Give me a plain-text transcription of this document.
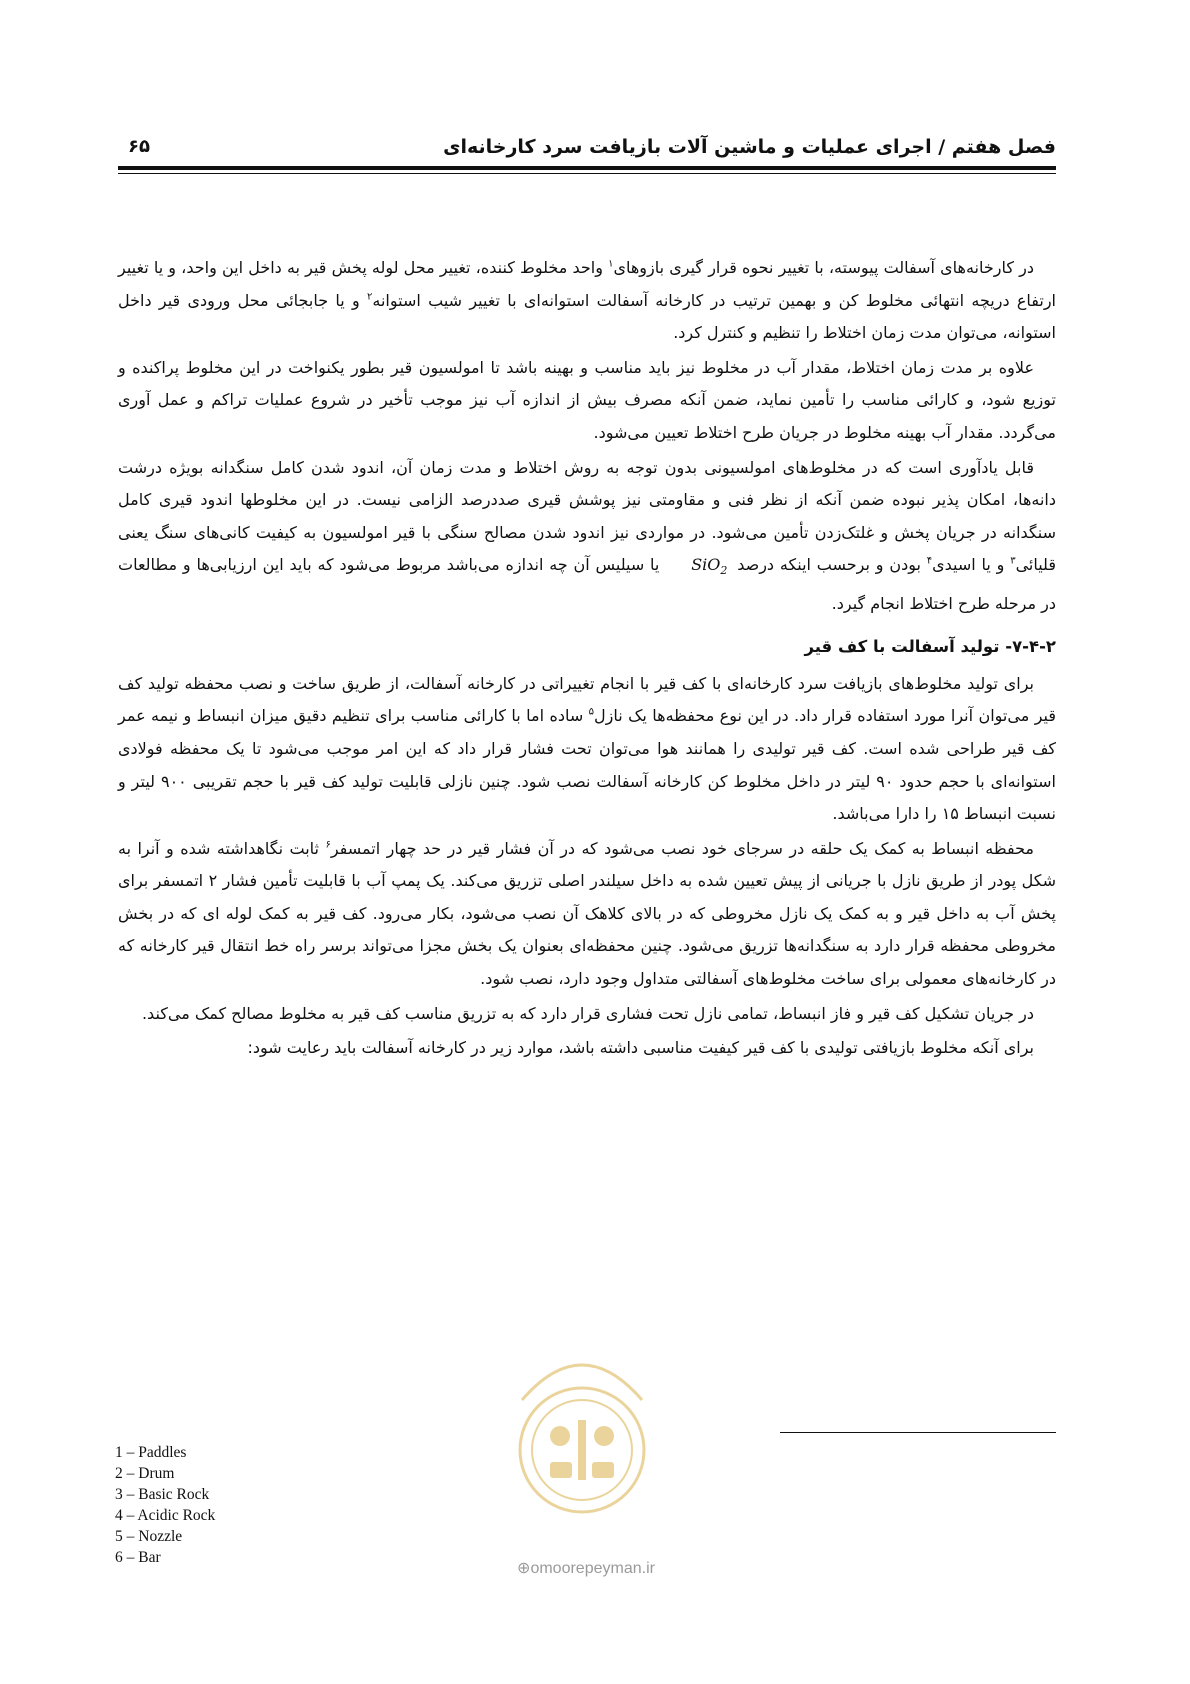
فصل هفتم / اجرای عملیات و ماشین آلات بازیافت سرد کارخانه‌ای
۶۵

در کارخانه‌های آسفالت پیوسته، با تغییر نحوه قرار گیری بازوهای$^۱$ واحد مخلوط کننده، تغییر محل لوله پخش قیر به داخل این واحد، و یا تغییر ارتفاع دریچه انتهائی مخلوط کن و بهمین ترتیب در کارخانه آسفالت استوانه‌ای با تغییر شیب استوانه$^۲$ و یا جابجائی محل ورودی قیر داخل استوانه، می‌توان مدت زمان اختلاط را تنظیم و کنترل کرد.

علاوه بر مدت زمان اختلاط، مقدار آب در مخلوط نیز باید مناسب و بهینه باشد تا امولسیون قیر بطور یکنواخت در این مخلوط پراکنده و توزیع شود، و کارائی مناسب را تأمین نماید، ضمن آنکه مصرف بیش از اندازه آب نیز موجب تأخیر در شروع عملیات تراکم و عمل آوری می‌گردد. مقدار آب بهینه مخلوط در جریان طرح اختلاط تعیین می‌شود.

قابل یادآوری است که در مخلوط‌های امولسیونی بدون توجه به روش اختلاط و مدت زمان آن، اندود شدن کامل سنگدانه بویژه درشت دانه‌ها، امکان پذیر نبوده ضمن آنکه از نظر فنی و مقاومتی نیز پوشش قیری صددرصد الزامی نیست. در این مخلوطها اندود قیری کامل سنگدانه در جریان پخش و غلتک‌زدن تأمین می‌شود. در مواردی نیز اندود شدن مصالح سنگی با قیر امولسیون به کیفیت کانی‌های سنگ یعنی قلیائی$^۳$ و یا اسیدی$^۴$ بودن و برحسب اینکه درصد SiO$_2$ یا سیلیس آن چه اندازه می‌باشد مربوط می‌شود که باید این ارزیابی‌ها و مطالعات در مرحله طرح اختلاط انجام گیرد.

۷-۴-۲- تولید آسفالت با کف قیر

برای تولید مخلوط‌های بازیافت سرد کارخانه‌ای با کف قیر با انجام تغییراتی در کارخانه آسفالت، از طریق ساخت و نصب محفظه تولید کف قیر می‌توان آنرا مورد استفاده قرار داد. در این نوع محفظه‌ها یک نازل$^۵$ ساده اما با کارائی مناسب برای تنظیم دقیق میزان انبساط و نیمه عمر کف قیر طراحی شده است. کف قیر تولیدی را همانند هوا می‌توان تحت فشار قرار داد که این امر موجب می‌شود تا یک محفظه فولادی استوانه‌ای با حجم حدود ۹۰ لیتر در داخل مخلوط کن کارخانه آسفالت نصب شود. چنین نازلی قابلیت تولید کف قیر با حجم تقریبی ۹۰۰ لیتر و نسبت انبساط ۱۵ را دارا می‌باشد.

محفظه انبساط به کمک یک حلقه در سرجای خود نصب می‌شود که در آن فشار قیر در حد چهار اتمسفر$^۶$ ثابت نگاهداشته شده و آنرا به شکل پودر از طریق نازل با جریانی از پیش تعیین شده به داخل سیلندر اصلی تزریق می‌کند. یک پمپ آب با قابلیت تأمین فشار ۲ اتمسفر برای پخش آب به داخل قیر و به کمک یک نازل مخروطی که در بالای کلاهک آن نصب می‌شود، بکار می‌رود. کف قیر به کمک لوله ای که در بخش مخروطی محفظه قرار دارد به سنگدانه‌ها تزریق می‌شود. چنین محفظه‌ای بعنوان یک بخش مجزا می‌تواند برسر راه خط انتقال قیر کارخانه که در کارخانه‌های معمولی برای ساخت مخلوط‌های آسفالتی متداول وجود دارد، نصب شود.

در جریان تشکیل کف قیر و فاز انبساط، تمامی نازل تحت فشاری قرار دارد که به تزریق مناسب کف قیر به مخلوط مصالح کمک می‌کند.

برای آنکه مخلوط بازیافتی تولیدی با کف قیر کیفیت مناسبی داشته باشد، موارد زیر در کارخانه آسفالت باید رعایت شود:

1 – Paddles
2 – Drum
3 – Basic Rock
4 – Acidic Rock
5 – Nozzle
6 – Bar
⊕omoorepeyman.ir
